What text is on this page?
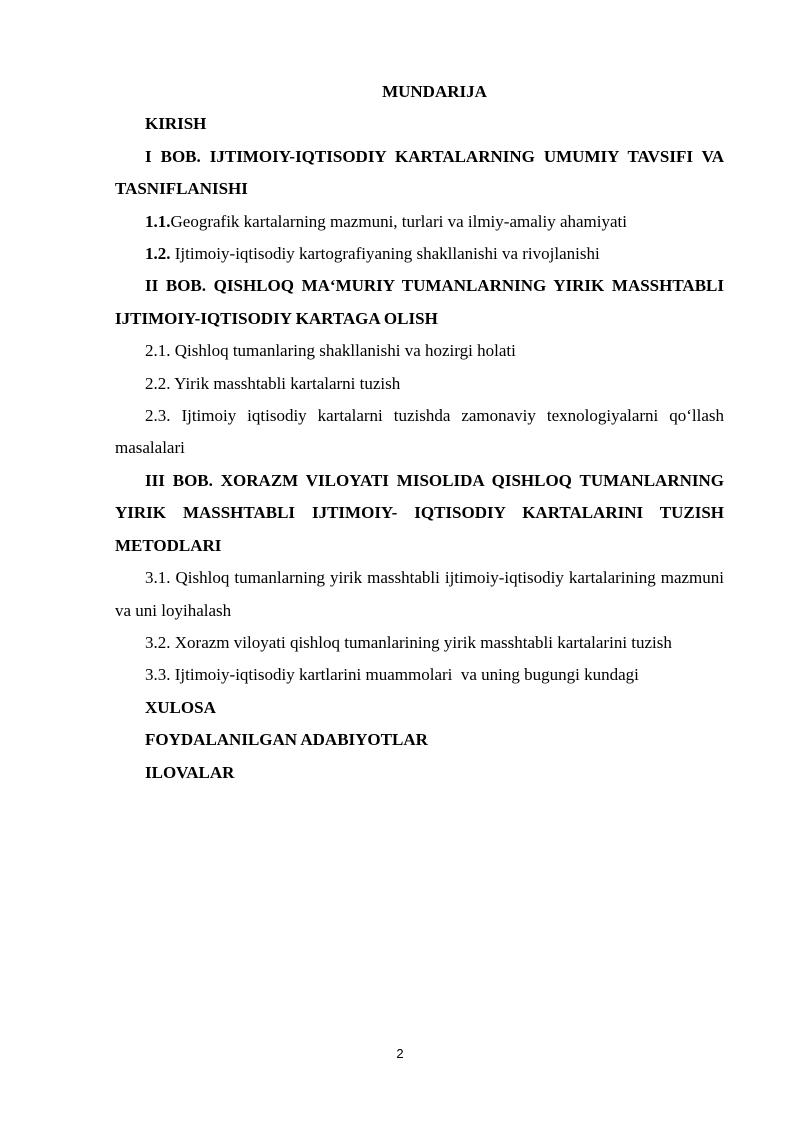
MUNDARIJA

KIRISH

I BOB. IJTIMOIY-IQTISODIY KARTALARNING UMUMIY TAVSIFI VA TASNIFLANISHI

1.1.Geografik kartalarning mazmuni, turlari va ilmiy-amaliy ahamiyati

1.2. Ijtimoiy-iqtisodiy kartografiyaning shakllanishi va rivojlanishi

II BOB. QISHLOQ MA‘MURIY TUMANLARNING YIRIK MASSHTABLI IJTIMOIY-IQTISODIY KARTAGA OLISH

2.1. Qishloq tumanlaring shakllanishi va hozirgi holati

2.2. Yirik masshtabli kartalarni tuzish

2.3. Ijtimoiy iqtisodiy kartalarni tuzishda zamonaviy texnologiyalarni qo‘llash masalalari

III BOB. XORAZM VILOYATI MISOLIDA QISHLOQ TUMANLARNING YIRIK MASSHTABLI IJTIMOIY- IQTISODIY KARTALARINI TUZISH METODLARI

3.1. Qishloq tumanlarning yirik masshtabli ijtimoiy-iqtisodiy kartalarining mazmuni va uni loyihalash

3.2. Xorazm viloyati qishloq tumanlarining yirik masshtabli kartalarini tuzish

3.3. Ijtimoiy-iqtisodiy kartlarini muammolari  va uning bugungi kundagi

XULOSA

FOYDALANILGAN ADABIYOTLAR

ILOVALAR

2
